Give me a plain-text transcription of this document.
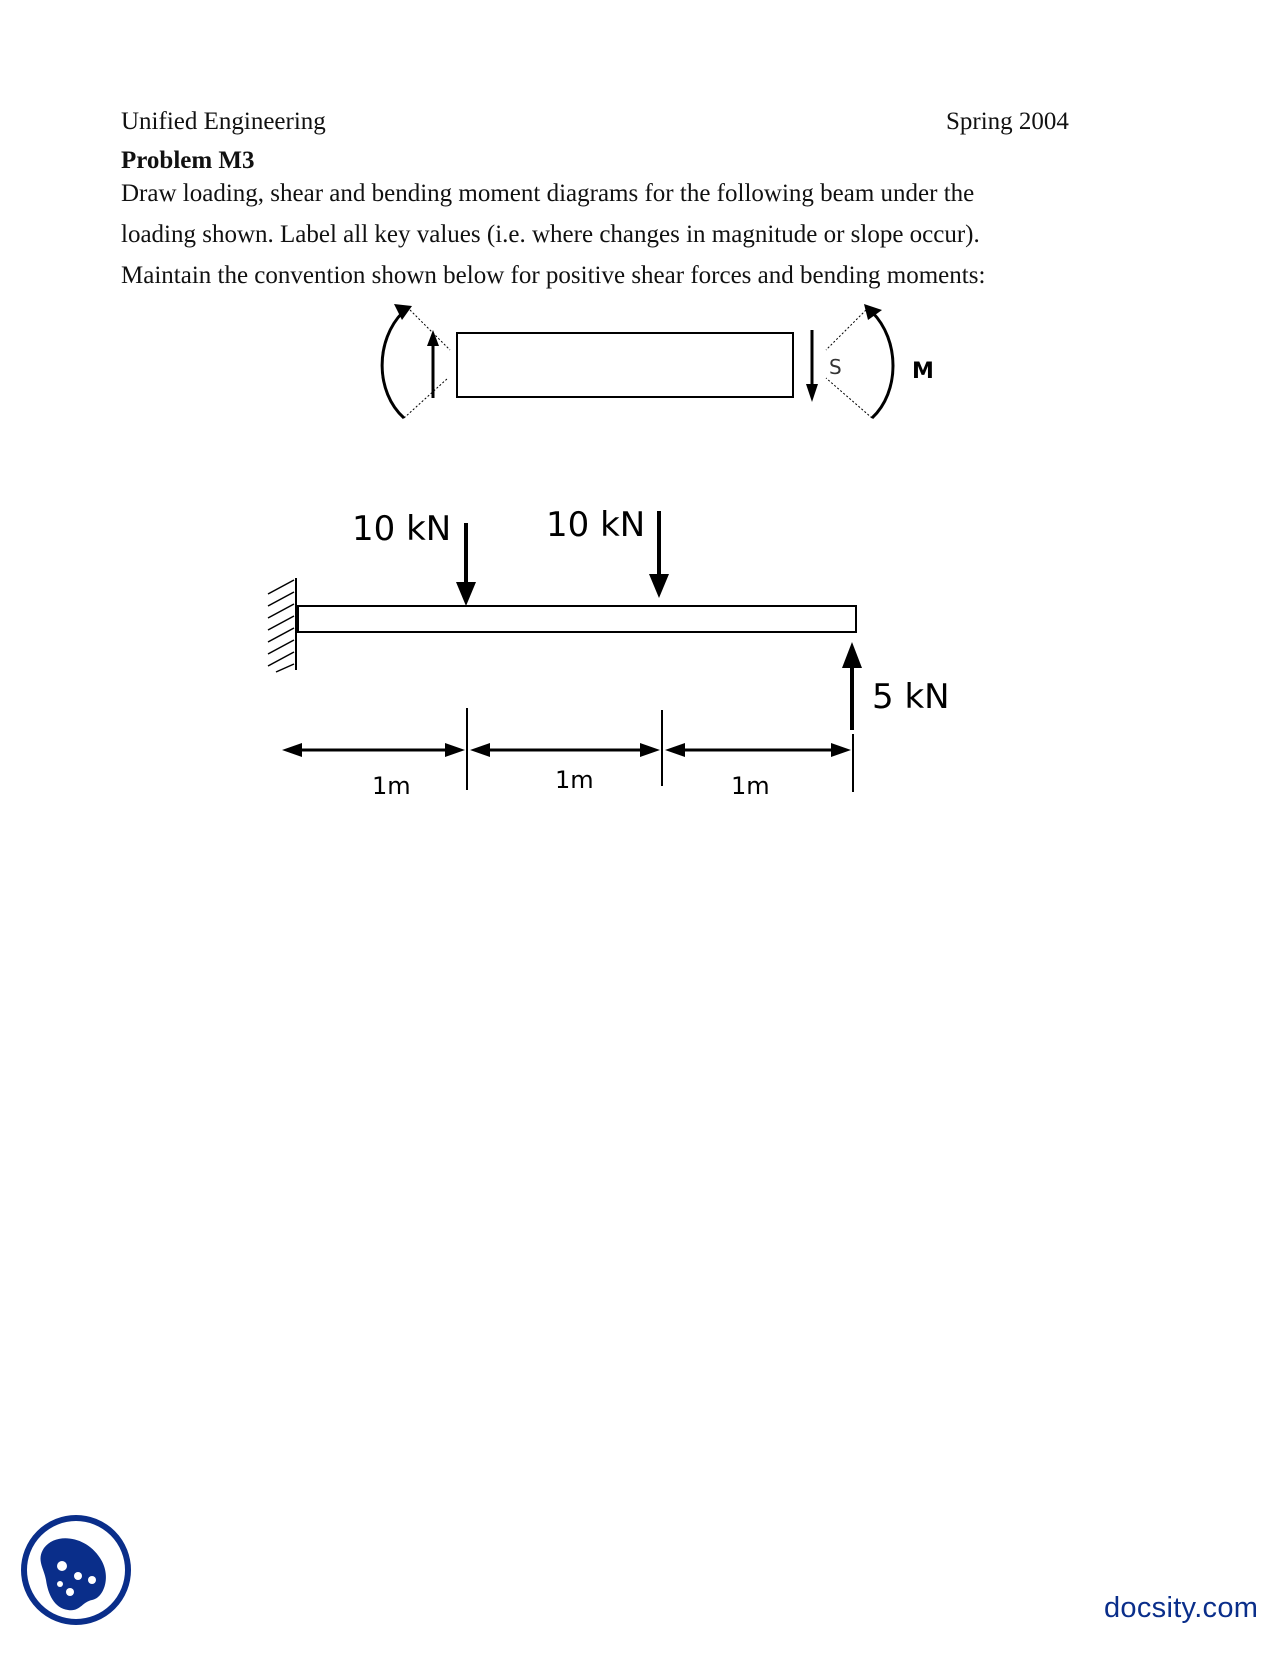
Unified Engineering	Spring 2004
Problem M3
Draw loading, shear and bending moment diagrams for the following beam under the
loading shown. Label all key values (i.e. where changes in magnitude or slope occur).
Maintain the convention shown below for positive shear forces and bending moments:
S	M
10 kN	10 kN
5 kN
1m	1m	1m
docsity.com
